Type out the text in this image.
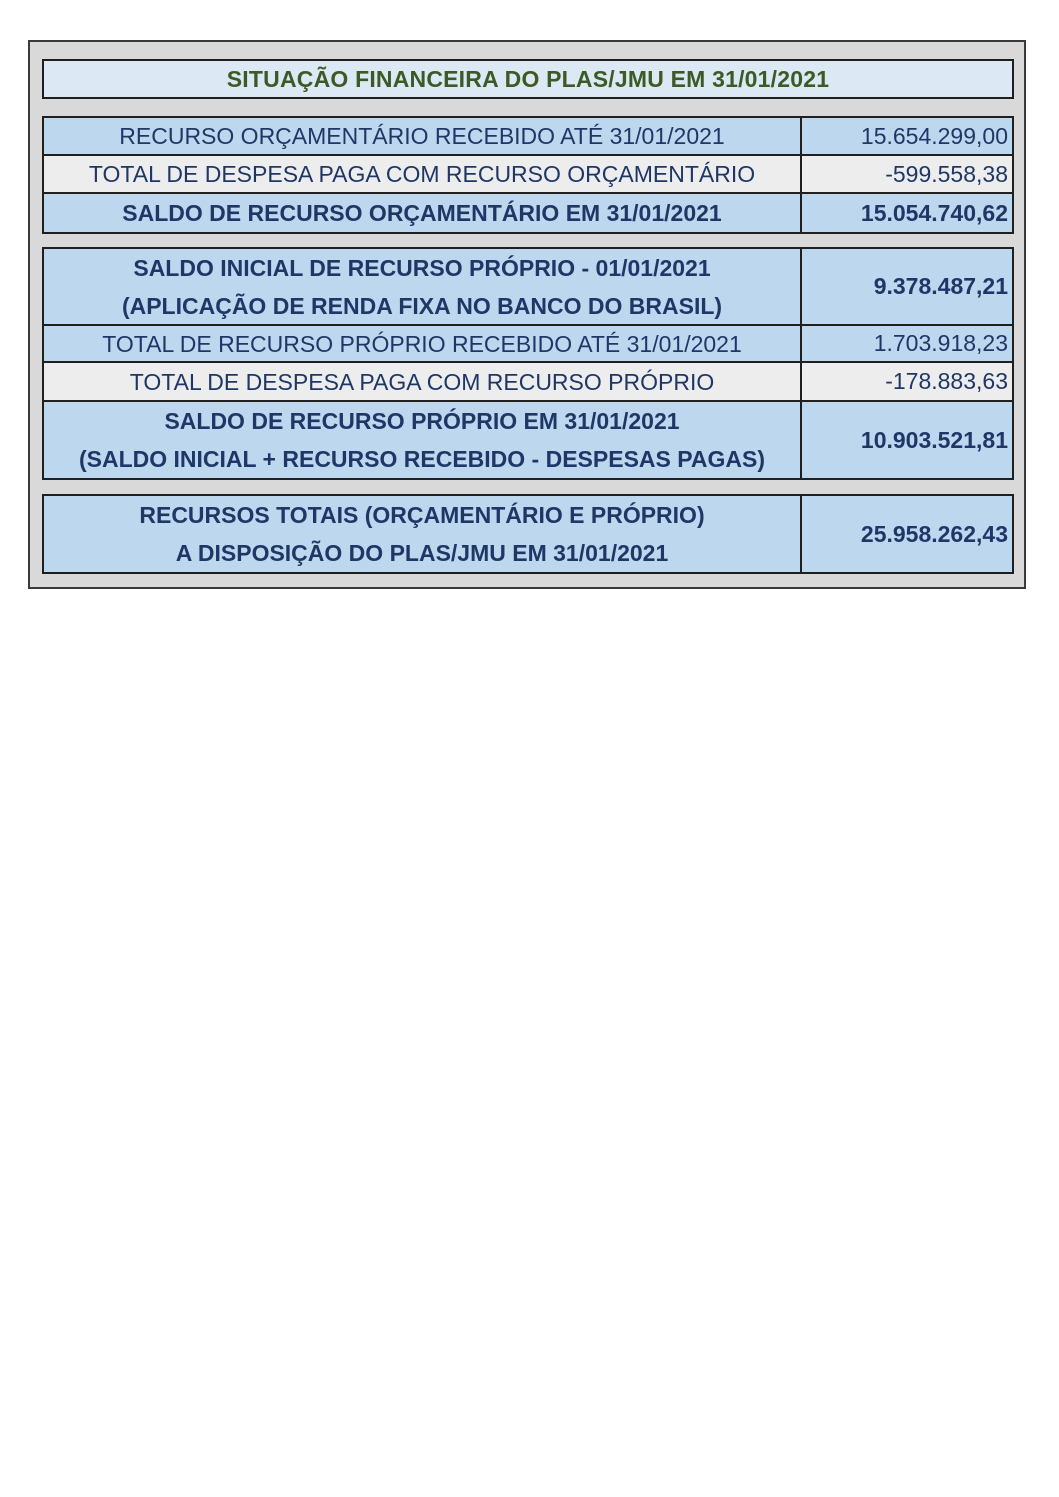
SITUAÇÃO FINANCEIRA DO PLAS/JMU EM 31/01/2021
RECURSO ORÇAMENTÁRIO RECEBIDO ATÉ 31/01/2021	15.654.299,00
TOTAL DE DESPESA PAGA COM RECURSO ORÇAMENTÁRIO	-599.558,38
SALDO DE RECURSO ORÇAMENTÁRIO EM 31/01/2021	15.054.740,62
SALDO INICIAL DE RECURSO PRÓPRIO - 01/01/2021
(APLICAÇÃO DE RENDA FIXA NO BANCO DO BRASIL)
9.378.487,21
TOTAL DE RECURSO PRÓPRIO RECEBIDO ATÉ 31/01/2021	1.703.918,23
TOTAL DE DESPESA PAGA COM RECURSO PRÓPRIO	-178.883,63
SALDO DE RECURSO PRÓPRIO EM 31/01/2021
(SALDO INICIAL + RECURSO RECEBIDO - DESPESAS PAGAS)
10.903.521,81
RECURSOS TOTAIS (ORÇAMENTÁRIO E PRÓPRIO)
A DISPOSIÇÃO DO PLAS/JMU EM 31/01/2021
25.958.262,43
